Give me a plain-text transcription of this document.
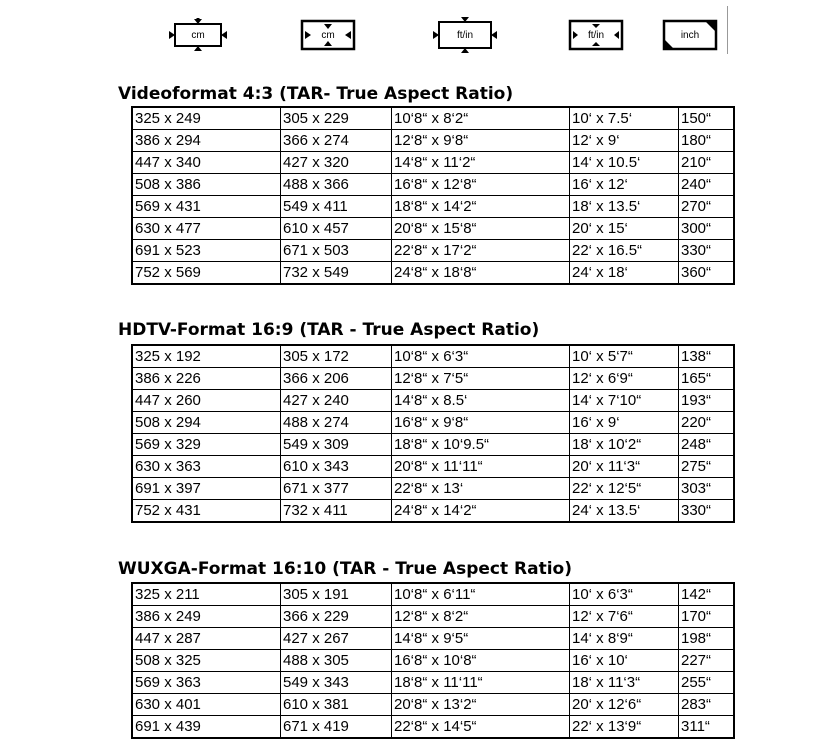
cm	cm	ft/in	ft/in	inch
Videoformat 4:3 (TAR- True Aspect Ratio)
325 x 249	305 x 229	10‘8“ x 8‘2“	10‘ x 7.5‘	150“
386 x 294	366 x 274	12‘8“ x 9‘8“	12‘ x 9‘	180“
447 x 340	427 x 320	14‘8“ x 11‘2“	14‘ x 10.5‘	210“
508 x 386	488 x 366	16‘8“ x 12‘8“	16‘ x 12‘	240“
569 x 431	549 x 411	18‘8“ x 14‘2“	18‘ x 13.5‘	270“
630 x 477	610 x 457	20‘8“ x 15‘8“	20‘ x 15‘	300“
691 x 523	671 x 503	22‘8“ x 17‘2“	22‘ x 16.5“	330“
752 x 569	732 x 549	24‘8“ x 18‘8“	24‘ x 18‘	360“
HDTV-Format 16:9 (TAR - True Aspect Ratio)
325 x 192	305 x 172	10‘8“ x 6‘3“	10‘ x 5‘7“	138“
386 x 226	366 x 206	12‘8“ x 7‘5“	12‘ x 6‘9“	165“
447 x 260	427 x 240	14‘8“ x 8.5‘	14‘ x 7‘10“	193“
508 x 294	488 x 274	16‘8“ x 9‘8“	16‘ x 9‘	220“
569 x 329	549 x 309	18‘8“ x 10‘9.5“	18‘ x 10‘2“	248“
630 x 363	610 x 343	20‘8“ x 11‘11“	20‘ x 11‘3“	275“
691 x 397	671 x 377	22‘8“ x 13‘	22‘ x 12‘5“	303“
752 x 431	732 x 411	24‘8“ x 14‘2“	24‘ x 13.5‘	330“
WUXGA-Format 16:10 (TAR - True Aspect Ratio)
325 x 211	305 x 191	10‘8“ x 6‘11“	10‘ x 6‘3“	142“
386 x 249	366 x 229	12‘8“ x 8‘2“	12‘ x 7‘6“	170“
447 x 287	427 x 267	14‘8“ x 9‘5“	14‘ x 8‘9“	198“
508 x 325	488 x 305	16‘8“ x 10‘8“	16‘ x 10‘	227“
569 x 363	549 x 343	18‘8“ x 11‘11“	18‘ x 11‘3“	255“
630 x 401	610 x 381	20‘8“ x 13‘2“	20‘ x 12‘6“	283“
691 x 439	671 x 419	22‘8“ x 14‘5“	22‘ x 13‘9“	311“
